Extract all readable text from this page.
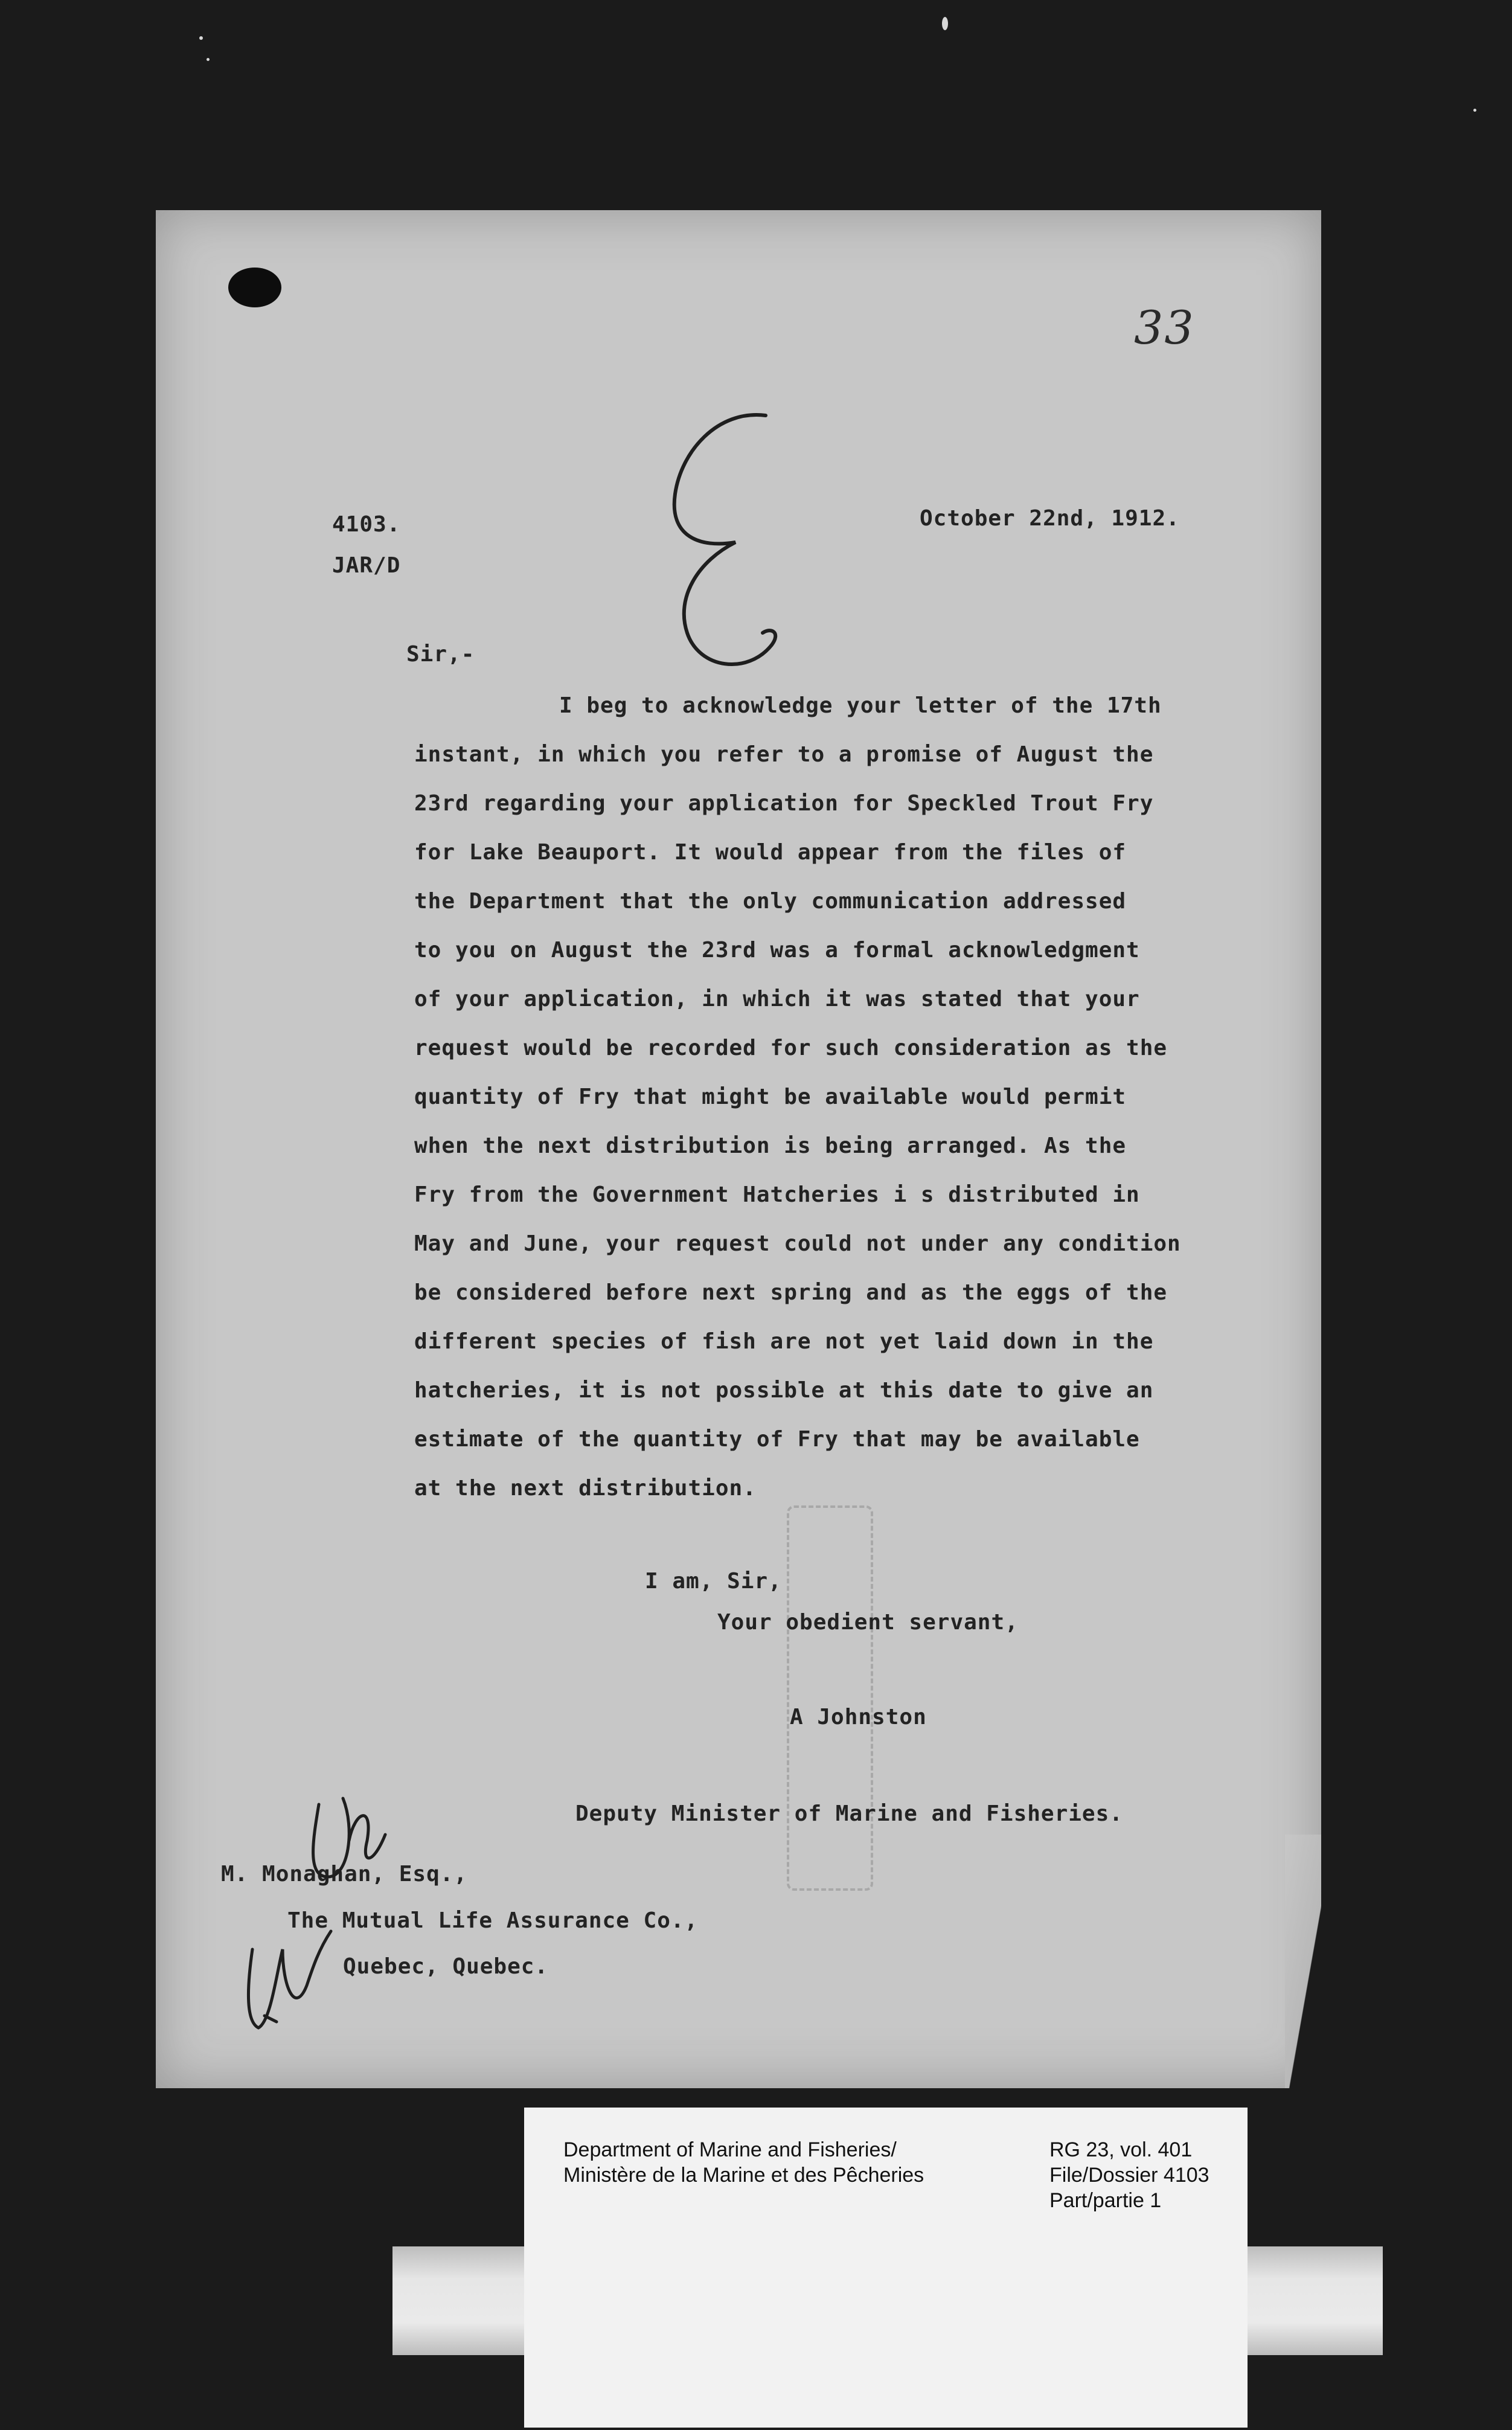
33

4103.

JAR/D

October 22nd, 1912.

Sir,-

I beg to acknowledge your letter of the 17th

instant, in which you refer to a promise of August the

23rd regarding your application for Speckled Trout Fry

for Lake Beauport. It would appear from the files of

the Department that the only communication addressed

to you on August the 23rd was a formal acknowledgment

of your application, in which it was stated that your

request would be recorded for such consideration as the

quantity of Fry that might be available would permit

when the next distribution is being arranged. As the

Fry from the Government Hatcheries i s distributed in

May and June, your request could not under any condition

be considered before next spring and as the eggs of the

different species of fish are not yet laid down in the

hatcheries, it is not possible at this date to give an

estimate of the quantity of Fry that may be available

at the next distribution.

I am, Sir,

Your obedient servant,

A Johnston

Deputy Minister of Marine and Fisheries.

M. Monaghan, Esq.,

The Mutual Life Assurance Co.,

Quebec, Quebec.

Department of Marine and Fisheries/

Ministère de la Marine et des Pêcheries

RG 23, vol. 401

File/Dossier 4103

Part/partie 1
